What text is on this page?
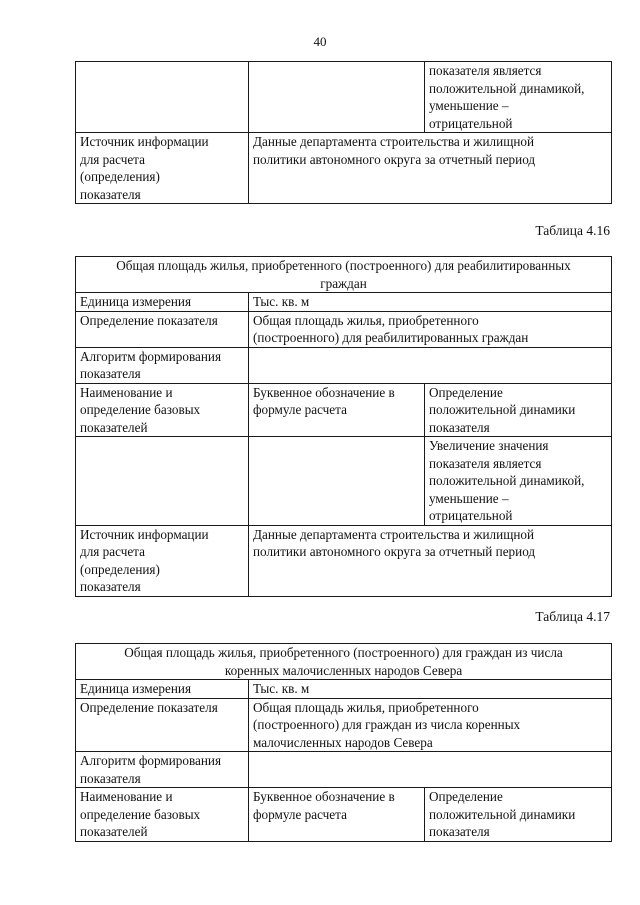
40
		показателя является
положительной динамикой,
уменьшение –
отрицательной
Источник информации
для расчета
(определения)
показателя	Данные департамента строительства и жилищной
политики автономного округа за отчетный период	
Таблица 4.16
Общая площадь жилья, приобретенного (построенного) для реабилитированных
граждан		
Единица измерения	Тыс. кв. м	
Определение показателя	Общая площадь жилья, приобретенного
(построенного) для реабилитированных граждан	
Алгоритм формирования
показателя		
Наименование и
определение базовых
показателей	Буквенное обозначение в
формуле расчета	Определение
положительной динамики
показателя
		Увеличение значения
показателя является
положительной динамикой,
уменьшение –
отрицательной
Источник информации
для расчета
(определения)
показателя	Данные департамента строительства и жилищной
политики автономного округа за отчетный период	
Таблица 4.17
Общая площадь жилья, приобретенного (построенного) для граждан из числа
коренных малочисленных народов Севера		
Единица измерения	Тыс. кв. м	
Определение показателя	Общая площадь жилья, приобретенного
(построенного) для граждан из числа коренных
малочисленных народов Севера	
Алгоритм формирования
показателя		
Наименование и
определение базовых
показателей	Буквенное обозначение в
формуле расчета	Определение
положительной динамики
показателя
